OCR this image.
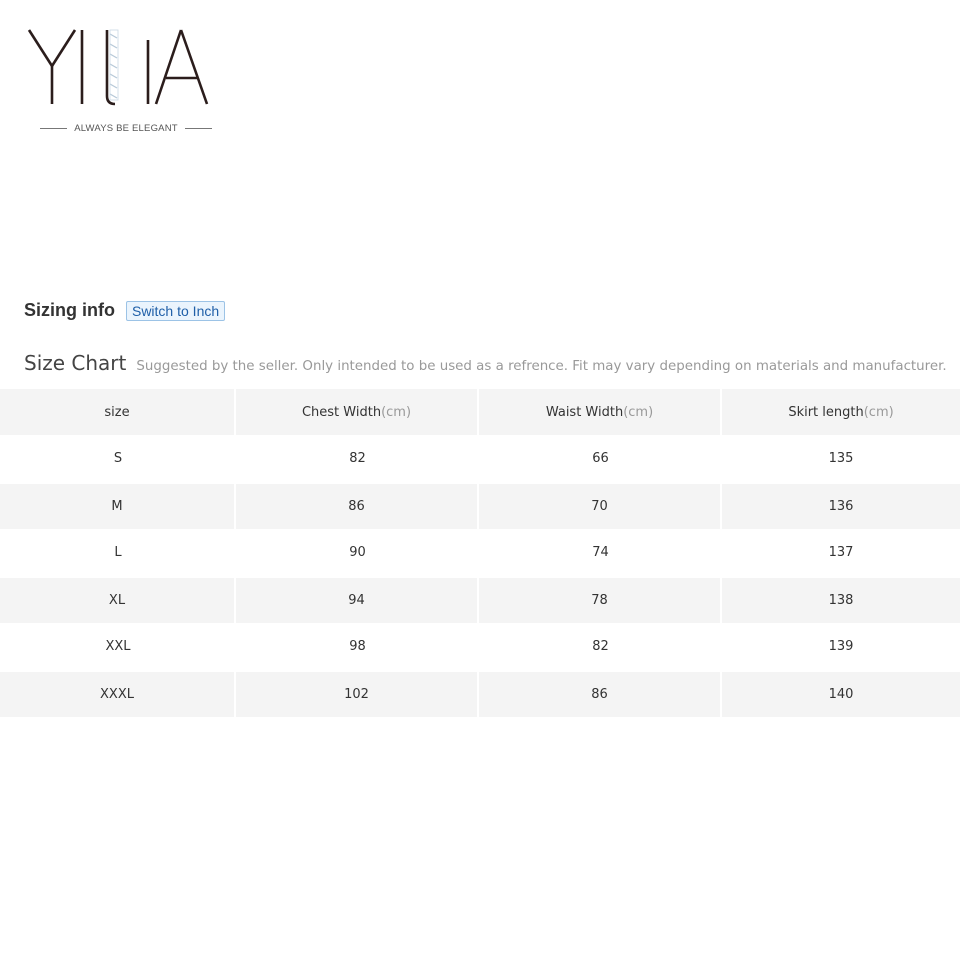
ALWAYS BE ELEGANT
Sizing info	Switch to Inch
Size Chart Suggested by the seller. Only intended to be used as a refrence. Fit may vary depending on materials and manufacturer.
size	Chest Width (cm)	Waist Width (cm)	Skirt length (cm)
S	82	66	135
M	86	70	136
L	90	74	137
XL	94	78	138
XXL	98	82	139
XXXL	102	86	140
